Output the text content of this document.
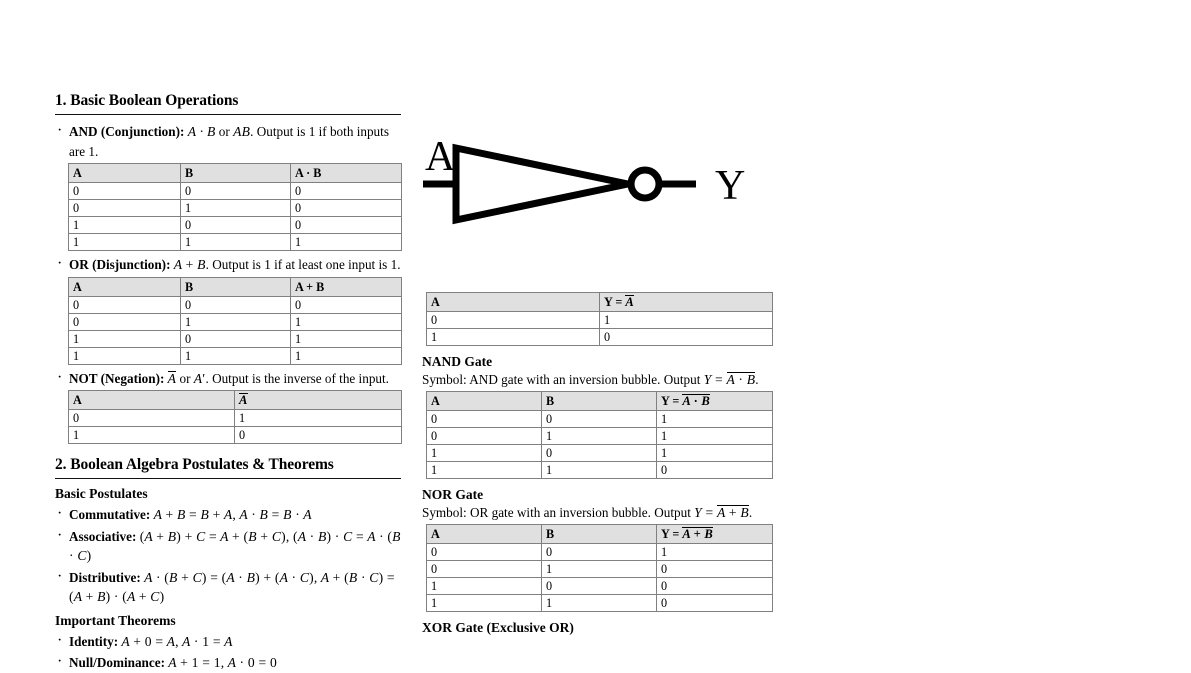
1. Basic Boolean Operations
· AND (Conjunction): A · B or AB. Output is 1 if both inputs are 1.
A	B	A · B
0	0	0
0	1	0
1	0	0
1	1	1
· OR (Disjunction): A + B. Output is 1 if at least one input is 1.
A	B	A + B
0	0	0
0	1	1
1	0	1
1	1	1
· NOT (Negation): A or A′. Output is the inverse of the input.
A	A
0	1
1	0
2. Boolean Algebra Postulates & Theorems
Basic Postulates
· Commutative: A + B = B + A, A · B = B · A
· Associative: (A + B) + C = A + (B + C), (A · B) · C = A · (B · C)
· Distributive: A · (B + C) = (A · B) + (A · C), A + (B · C) = (A + B) · (A + C)
Important Theorems
· Identity: A + 0 = A, A · 1 = A
· Null/Dominance: A + 1 = 1, A · 0 = 0
A
Y
A	Y = A
0	1
1	0
NAND Gate

Symbol: AND gate with an inversion bubble. Output Y = A · B.

A	B	Y = A · B
0	0	1
0	1	1
1	0	1
1	1	0
NOR Gate

Symbol: OR gate with an inversion bubble. Output Y = A + B.

A	B	Y = A + B
0	0	1
0	1	0
1	0	0
1	1	0
XOR Gate (Exclusive OR)
